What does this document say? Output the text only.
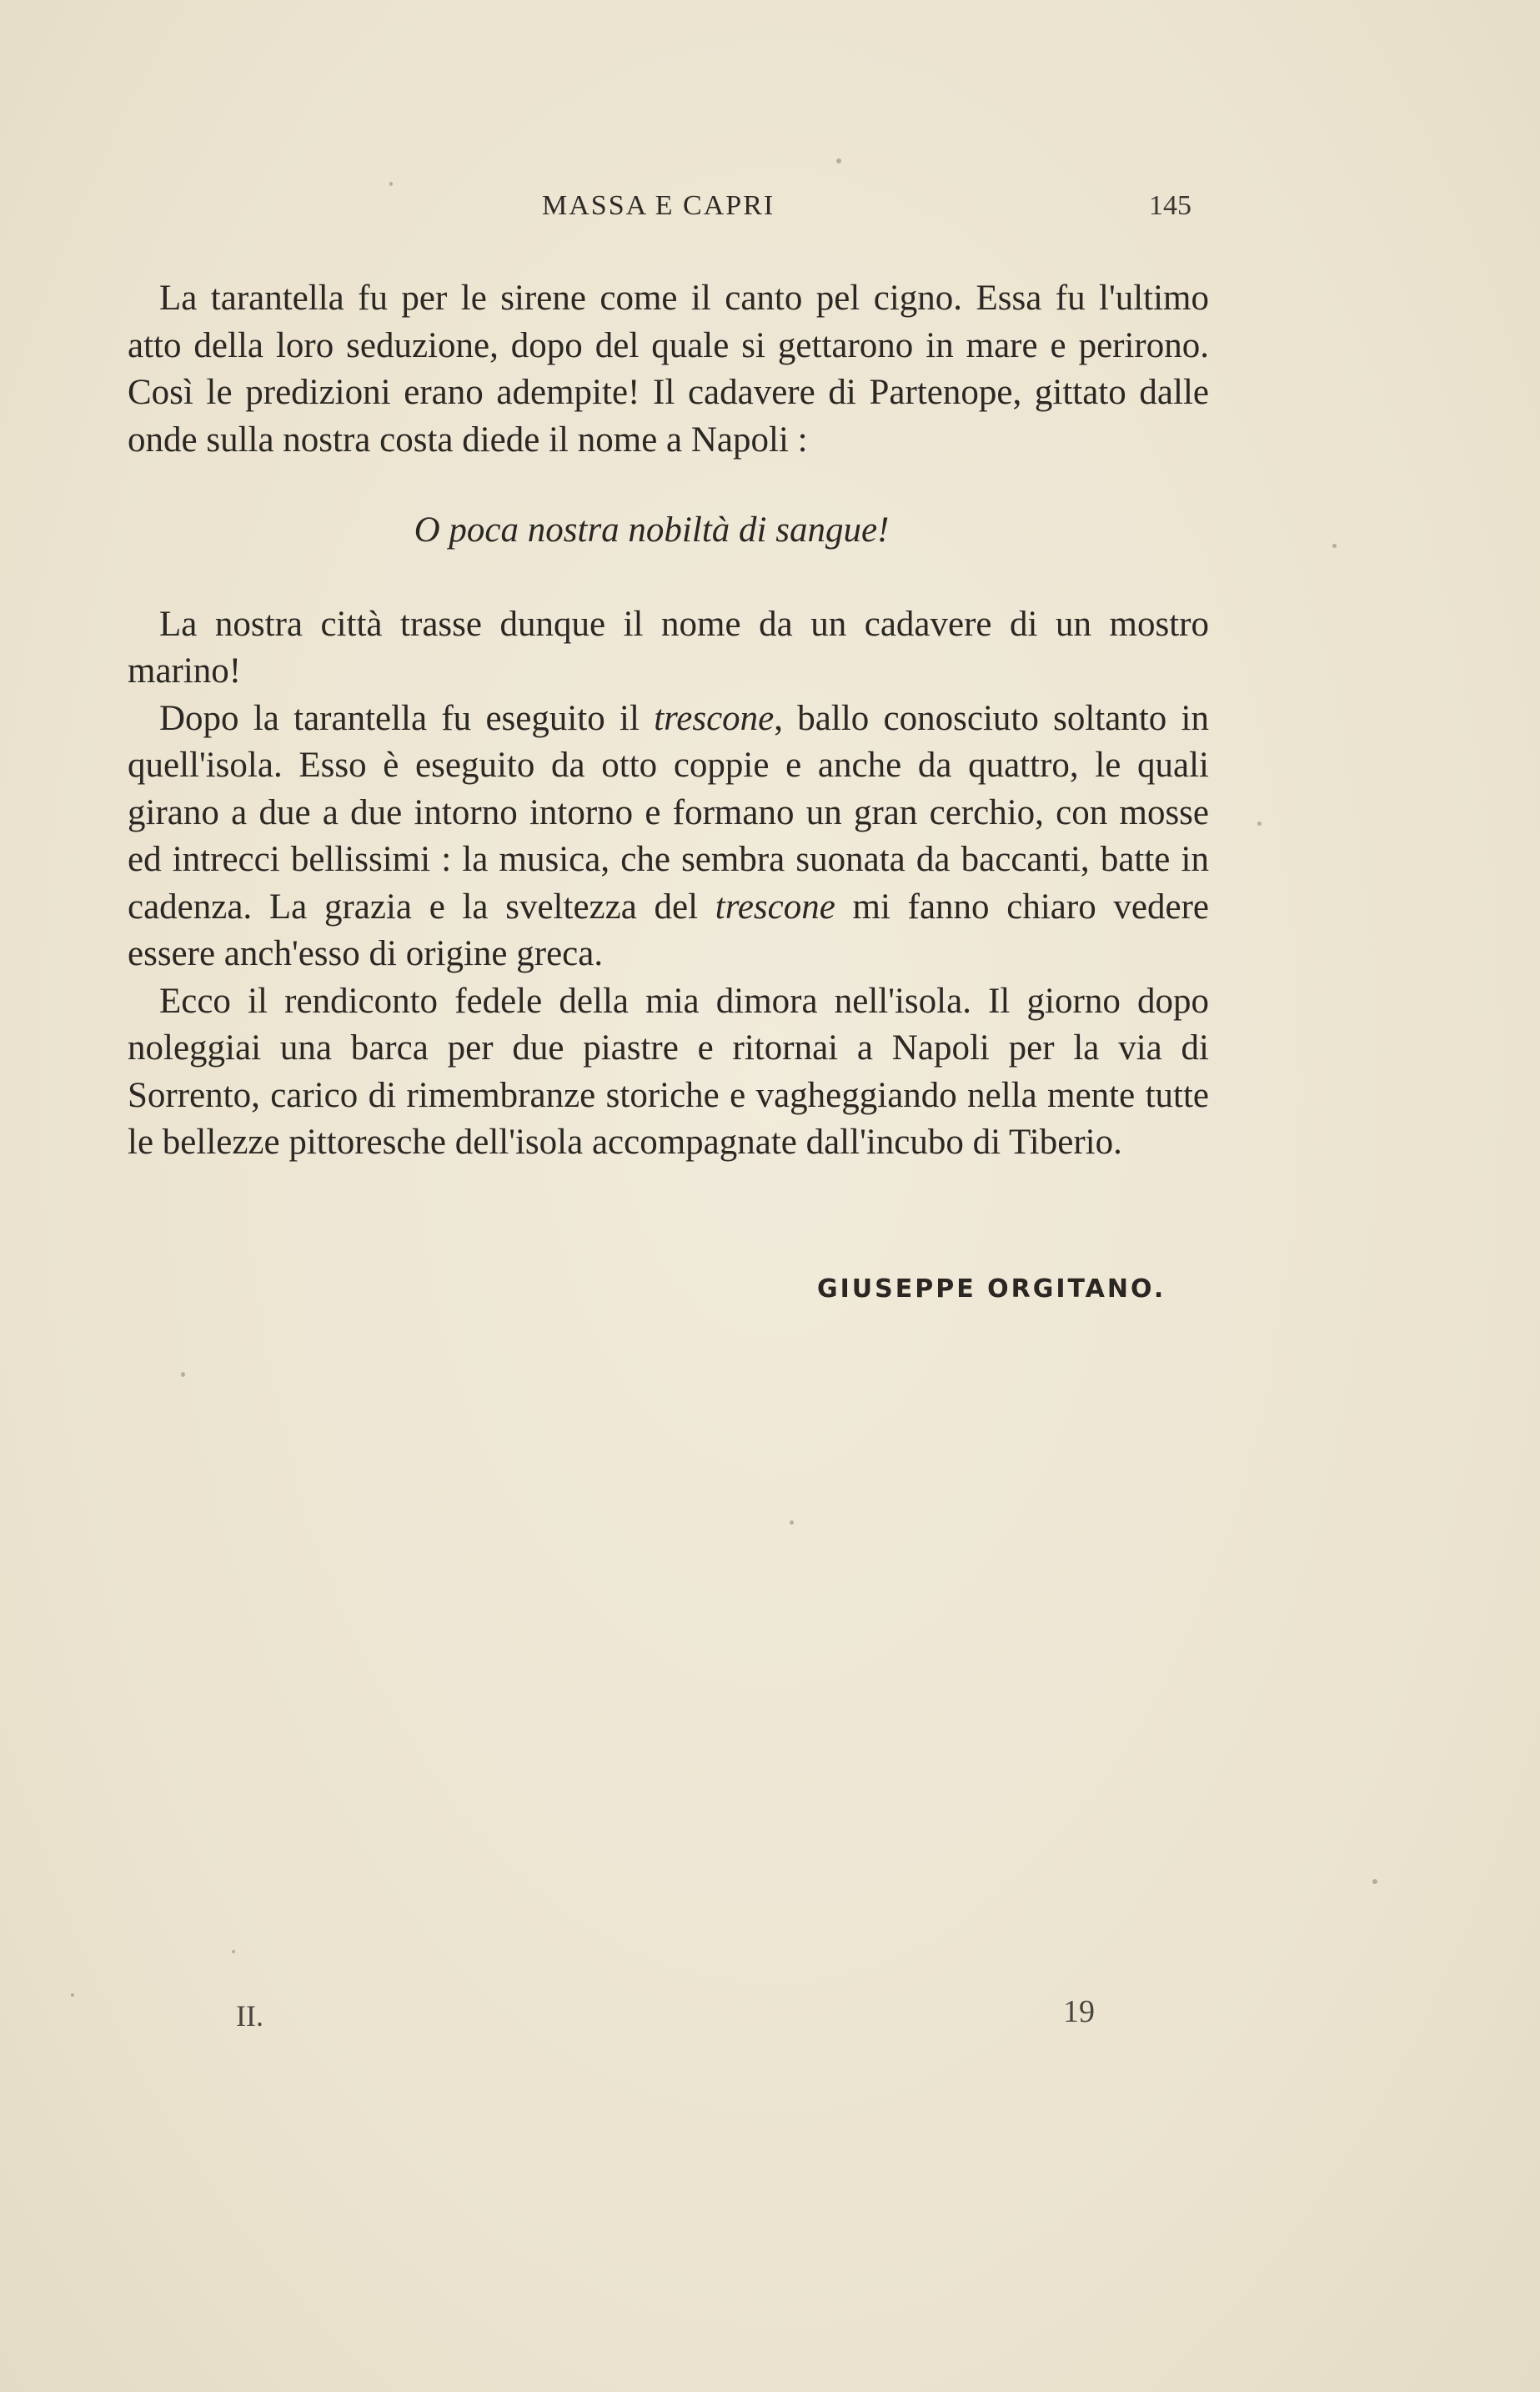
MASSA E CAPRI	145

La tarantella fu per le sirene come il canto pel cigno. Essa fu l'ultimo atto della loro seduzione, dopo del quale si gettarono in mare e perirono. Così le predizioni erano adempite! Il cadavere di Partenope, gittato dalle onde sulla nostra costa diede il nome a Napoli :

O poca nostra nobiltà di sangue!

La nostra città trasse dunque il nome da un cadavere di un mostro marino!

Dopo la tarantella fu eseguito il trescone, ballo conosciuto soltanto in quell'isola. Esso è eseguito da otto coppie e anche da quattro, le quali girano a due a due intorno intorno e formano un gran cerchio, con mosse ed intrecci bellissimi : la musica, che sembra suonata da baccanti, batte in cadenza. La grazia e la sveltezza del trescone mi fanno chiaro vedere essere anch'esso di origine greca.

Ecco il rendiconto fedele della mia dimora nell'isola. Il giorno dopo noleggiai una barca per due piastre e ritornai a Napoli per la via di Sorrento, carico di rimembranze storiche e vagheggiando nella mente tutte le bellezze pittoresche dell'isola accompagnate dall'incubo di Tiberio.

GIUSEPPE ORGITANO.
II.	19
